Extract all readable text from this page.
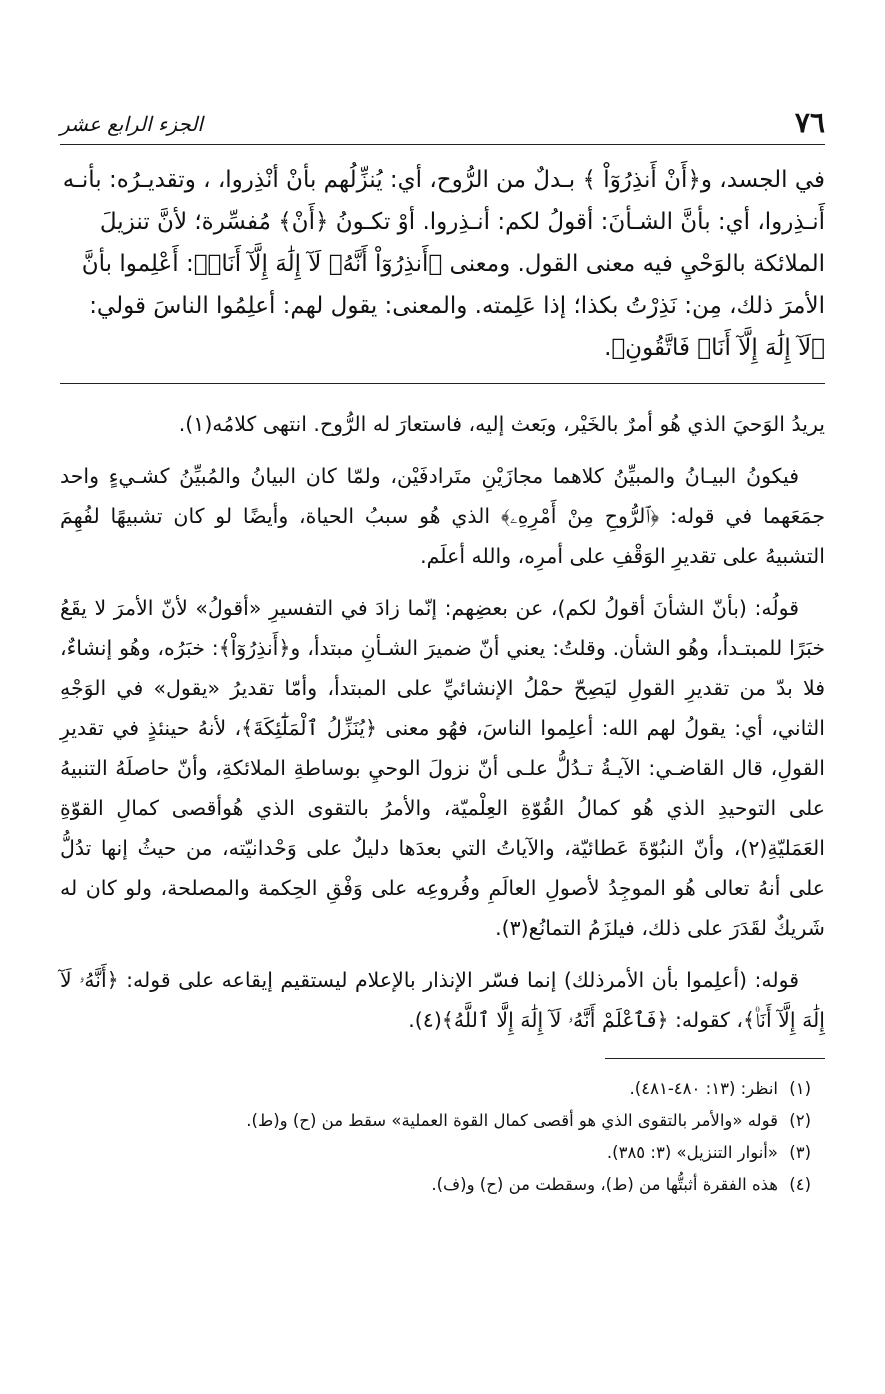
٧٦
الجزء الرابع عشر

في الجسد، و﴿أَنْ أَنذِرُوٓاْ ﴾ بـدلٌ من الرُّوح، أي: يُنزِّلُهم بأنْ أنْذِروا، ، وتقديـرُه: بأنـه

أَنـذِروا، أي: بأنَّ الشـأنَ: أقولُ لكم: أنـذِروا. أوْ تكـونُ ﴿أَنْ﴾ مُفسِّرة؛ لأنَّ تنزيلَ

الملائكة بالوَحْيِ فيه معنى القول. ومعنى ﴿أَنذِرُوٓاْ أَنَّهُۥ لَآ إِلَٰهَ إِلَّآ أَنَا۠﴾: أَعْلِموا بأنَّ

الأمرَ ذلك، مِن: نَذِرْتُ بكذا؛ إذا عَلِمته. والمعنى: يقول لهم: أعلِمُوا الناسَ قولي:

﴿لَآ إِلَٰهَ إِلَّآ أَنَا۠ فَاتَّقُونِ﴾.

يريدُ الوَحيَ الذي هُو أمرٌ بالخَيْر، وبَعث إليه، فاستعارَ له الرُّوح. انتهى كلامُه(١).

فيكونُ البيـانُ والمبيِّنُ كلاهما مجازَيْنِ متَرادفَيْن، ولمّا كان البيانُ والمُبيِّنُ كشـيءٍ واحد جمَعَهما في قوله: ﴿ٱلرُّوحِ مِنْ أَمْرِهِۦ﴾ الذي هُو سببُ الحياة، وأيضًا لو كان تشبيهًا لفُهِمَ التشبيهُ على تقديرِ الوَقْفِ على أمرِه، والله أعلَم.

قولُه: (بأنّ الشأنَ أقولُ لكم)، عن بعضِهم: إنّما زادَ في التفسيرِ «أقولُ» لأنّ الأمرَ لا يقَعُ خبَرًا للمبتـدأ، وهُو الشأن. وقلتُ: يعني أنّ ضميرَ الشـأنِ مبتدأ، و﴿أَنذِرُوٓاْ﴾: خبَرُه، وهُو إنشاءٌ، فلا بدّ من تقديرِ القولِ ليَصِحّ حمْلُ الإنشائيِّ على المبتدأ، وأمّا تقديرُ «يقول» في الوَجْهِ الثاني، أي: يقولُ لهم الله: أعلِموا الناسَ، فهُو معنى ﴿يُنَزِّلُ ٱلْمَلَٰٓئِكَةَ﴾، لأنهُ حينئذٍ في تقديرِ القولِ، قال القاضـي: الآيـةُ تـدُلُّ علـى أنّ نزولَ الوحيِ بوساطةِ الملائكةِ، وأنّ حاصلَهُ التنبيهُ على التوحيدِ الذي هُو كمالُ القُوّةِ العِلْميّة، والأمرُ بالتقوى الذي هُوأقصى كمالِ القوّةِ العَمَليّةِ(٢)، وأنّ النبُوّةَ عَطائيّة، والآياتُ التي بعدَها دليلٌ على وَحْدانيّته، من حيثُ إنها تدُلُّ على أنهُ تعالى هُو الموجِدُ لأصولِ العالَمِ وفُروعِه على وَفْقِ الحِكمة والمصلحة، ولو كان له شَريكٌ لقَدَرَ على ذلك، فيلزَمُ التمانُع(٣).

قوله: (أعلِموا بأن الأمرذلك) إنما فسّر الإنذار بالإعلام ليستقيم إيقاعه على قوله: ﴿أَنَّهُۥ لَآ إِلَٰهَ إِلَّآ أَنَا۠﴾، كقوله: ﴿فَٱعْلَمْ أَنَّهُۥ لَآ إِلَٰهَ إِلَّا ٱللَّهُ﴾(٤).

(١) انظر: (١٣: ٤٨٠-٤٨١).
(٢) قوله «والأمر بالتقوى الذي هو أقصى كمال القوة العملية» سقط من (ح) و(ط).
(٣) «أنوار التنزيل» (٣: ٣٨٥).
(٤) هذه الفقرة أثبتُّها من (ط)، وسقطت من (ح) و(ف).
